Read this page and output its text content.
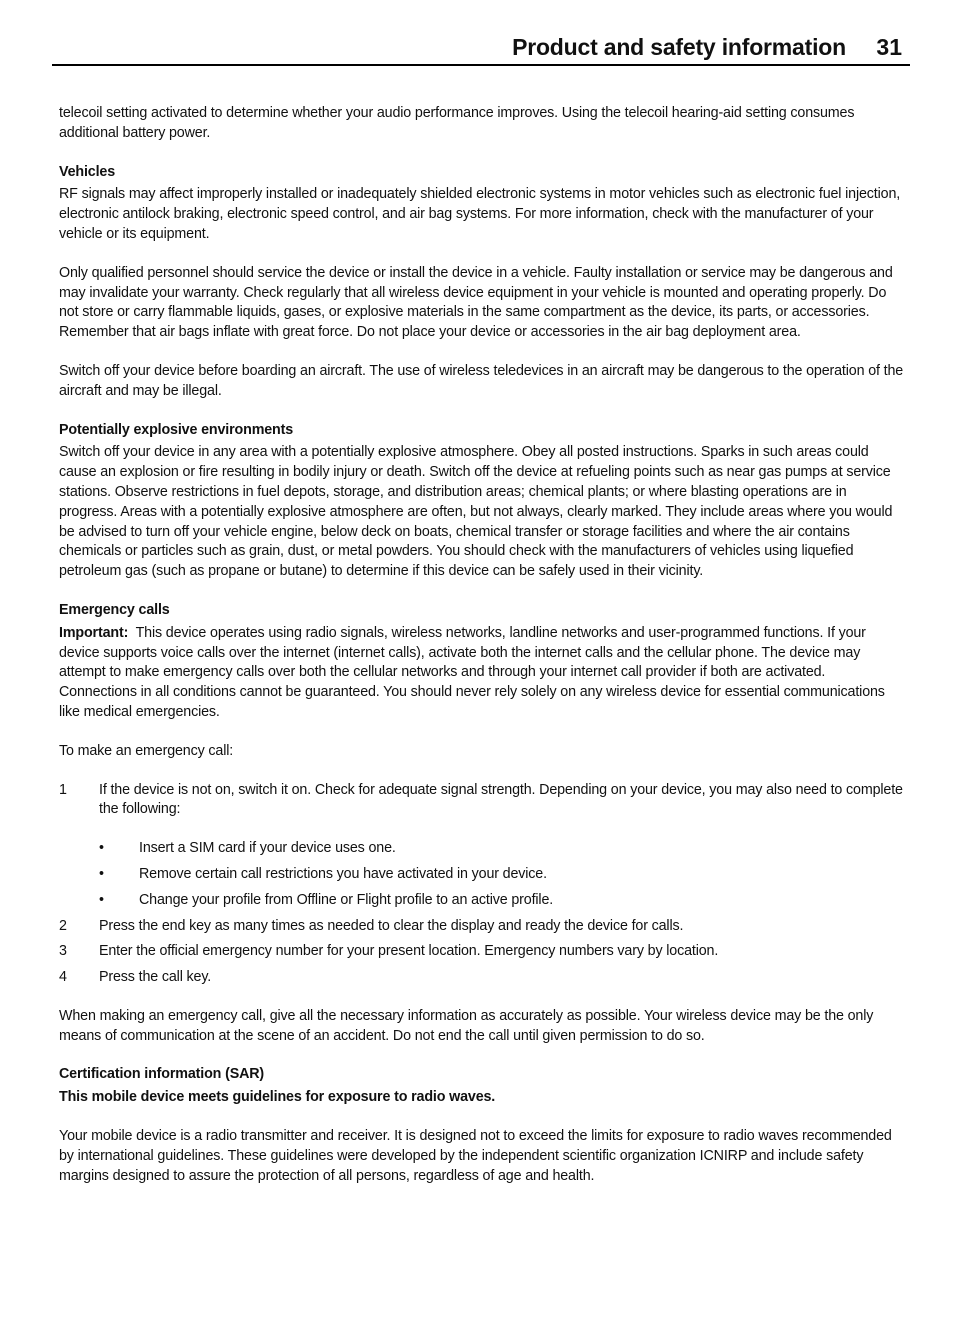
Product and safety information 31

telecoil setting activated to determine whether your audio performance improves. Using the telecoil hearing-aid setting consumes additional battery power.

Vehicles

RF signals may affect improperly installed or inadequately shielded electronic systems in motor vehicles such as electronic fuel injection, electronic antilock braking, electronic speed control, and air bag systems. For more information, check with the manufacturer of your vehicle or its equipment.

Only qualified personnel should service the device or install the device in a vehicle. Faulty installation or service may be dangerous and may invalidate your warranty. Check regularly that all wireless device equipment in your vehicle is mounted and operating properly. Do not store or carry flammable liquids, gases, or explosive materials in the same compartment as the device, its parts, or accessories. Remember that air bags inflate with great force. Do not place your device or accessories in the air bag deployment area.

Switch off your device before boarding an aircraft. The use of wireless teledevices in an aircraft may be dangerous to the operation of the aircraft and may be illegal.

Potentially explosive environments

Switch off your device in any area with a potentially explosive atmosphere. Obey all posted instructions. Sparks in such areas could cause an explosion or fire resulting in bodily injury or death. Switch off the device at refueling points such as near gas pumps at service stations. Observe restrictions in fuel depots, storage, and distribution areas; chemical plants; or where blasting operations are in progress. Areas with a potentially explosive atmosphere are often, but not always, clearly marked. They include areas where you would be advised to turn off your vehicle engine, below deck on boats, chemical transfer or storage facilities and where the air contains chemicals or particles such as grain, dust, or metal powders. You should check with the manufacturers of vehicles using liquefied petroleum gas (such as propane or butane) to determine if this device can be safely used in their vicinity.

Emergency calls

Important: This device operates using radio signals, wireless networks, landline networks and user-programmed functions. If your device supports voice calls over the internet (internet calls), activate both the internet calls and the cellular phone. The device may attempt to make emergency calls over both the cellular networks and through your internet call provider if both are activated. Connections in all conditions cannot be guaranteed. You should never rely solely on any wireless device for essential communications like medical emergencies.

To make an emergency call:

1 If the device is not on, switch it on. Check for adequate signal strength. Depending on your device, you may also need to complete the following:
• Insert a SIM card if your device uses one.
• Remove certain call restrictions you have activated in your device.
• Change your profile from Offline or Flight profile to an active profile.
2 Press the end key as many times as needed to clear the display and ready the device for calls.
3 Enter the official emergency number for your present location. Emergency numbers vary by location.
4 Press the call key.

When making an emergency call, give all the necessary information as accurately as possible. Your wireless device may be the only means of communication at the scene of an accident. Do not end the call until given permission to do so.

Certification information (SAR)
This mobile device meets guidelines for exposure to radio waves.

Your mobile device is a radio transmitter and receiver. It is designed not to exceed the limits for exposure to radio waves recommended by international guidelines. These guidelines were developed by the independent scientific organization ICNIRP and include safety margins designed to assure the protection of all persons, regardless of age and health.
